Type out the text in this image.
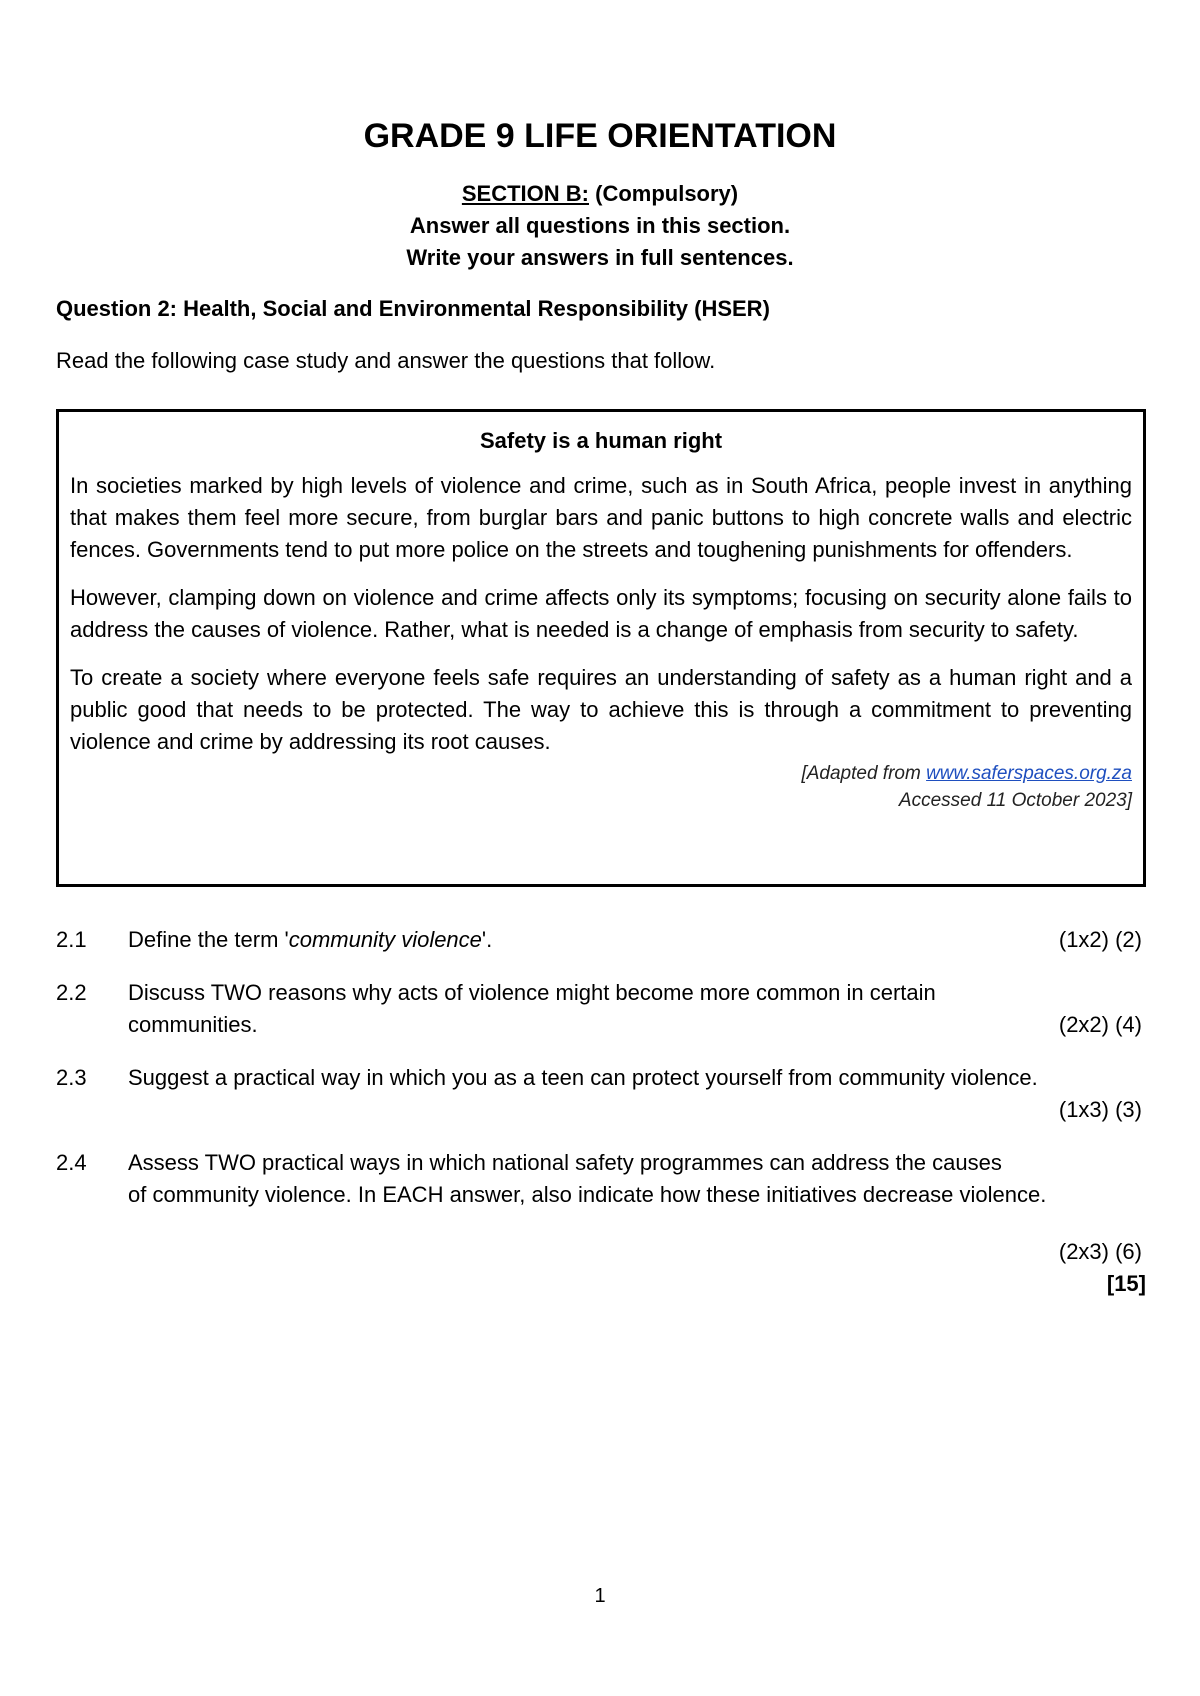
GRADE 9 LIFE ORIENTATION
SECTION B: (Compulsory)
Answer all questions in this section.
Write your answers in full sentences.
Question 2: Health, Social and Environmental Responsibility (HSER)
Read the following case study and answer the questions that follow.
Safety is a human right

In societies marked by high levels of violence and crime, such as in South Africa, people invest in anything that makes them feel more secure, from burglar bars and panic buttons to high concrete walls and electric fences. Governments tend to put more police on the streets and toughening punishments for offenders.

However, clamping down on violence and crime affects only its symptoms; focusing on security alone fails to address the causes of violence. Rather, what is needed is a change of emphasis from security to safety.

To create a society where everyone feels safe requires an understanding of safety as a human right and a public good that needs to be protected. The way to achieve this is through a commitment to preventing violence and crime by addressing its root causes.

[Adapted from www.saferspaces.org.za
Accessed 11 October 2023]
2.1	Define the term 'community violence'.	(1x2) (2)
2.2	Discuss TWO reasons why acts of violence might become more common in certain
communities.	(2x2) (4)
2.3	Suggest a practical way in which you as a teen can protect yourself from community violence.
(1x3) (3)
2.4	Assess TWO practical ways in which national safety programmes can address the causes
of community violence. In EACH answer, also indicate how these initiatives decrease violence.
(2x3) (6)
[15]
1
